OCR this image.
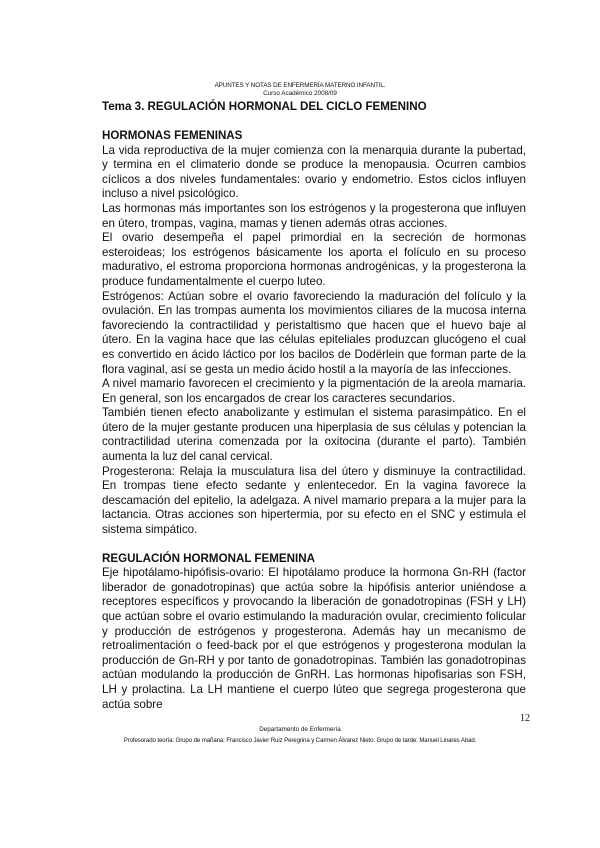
APUNTES Y NOTAS DE ENFERMERÍA MATERNO INFANTIL.
Curso Académico 2008/09
Tema 3. REGULACIÓN HORMONAL DEL CICLO FEMENINO
HORMONAS FEMENINAS

La vida reproductiva de la mujer comienza con la menarquia durante la pubertad, y termina en el climaterio donde se produce la menopausia. Ocurren cambios cíclicos a dos niveles fundamentales: ovario y endometrio. Estos ciclos influyen incluso a nivel psicológico.

Las hormonas más importantes son los estrógenos y la progesterona que influyen en útero, trompas, vagina, mamas y tienen además otras acciones.

El ovario desempeña el papel primordial en la secreción de hormonas esteroideas; los estrógenos básicamente los aporta el folículo en su proceso madurativo, el estroma proporciona hormonas androgénicas, y la progesterona la produce fundamentalmente el cuerpo luteo.

Estrógenos: Actúan sobre el ovario favoreciendo la maduración del folículo y la ovulación. En las trompas aumenta los movimientos ciliares de la mucosa interna favoreciendo la contractilidad y peristaltismo que hacen que el huevo baje al útero. En la vagina hace que las células epiteliales produzcan glucógeno el cual es convertido en ácido láctico por los bacilos de Dodërlein que forman parte de la flora vaginal, así se gesta un medio ácido hostil a la mayoría de las infecciones.

A nivel mamario favorecen el crecimiento y la pigmentación de la areola mamaria. En general, son los encargados de crear los caracteres secundarios.

También tienen efecto anabolizante y estimulan el sistema parasimpático. En el útero de la mujer gestante producen una hiperplasia de sus células y potencian la contractilidad uterina comenzada por la oxitocina (durante el parto). También aumenta la luz del canal cervical.

Progesterona: Relaja la musculatura lisa del útero y disminuye la contractilidad. En trompas tiene efecto sedante y enlentecedor. En la vagina favorece la descamación del epitelio, la adelgaza. A nivel mamario prepara a la mujer para la lactancia. Otras acciones son hipertermia, por su efecto en el SNC y estimula el sistema simpático.

REGULACIÓN HORMONAL FEMENINA

Eje hipotálamo-hipófisis-ovario: El hipotálamo produce la hormona Gn-RH (factor liberador de gonadotropinas) que actúa sobre la hipófisis anterior uniéndose a receptores específicos y provocando la liberación de gonadotropinas (FSH y LH) que actúan sobre el ovario estimulando la maduración ovular, crecimiento folicular y producción de estrógenos y progesterona. Además hay un mecanismo de retroalimentación o feed-back por el que estrógenos y progesterona modulan la producción de Gn-RH y por tanto de gonadotropinas. También las gonadotropinas actúan modulando la producción de GnRH. Las hormonas hipofisarias son FSH, LH y prolactina. La LH mantiene el cuerpo lúteo que segrega progesterona que actúa sobre

12
Departamento de Enfermería
Profesorado teoría: Grupo de mañana: Francisco Javier Ruiz Peregrina y Carmen Álvarez Nieto. Grupo de tarde: Manuel Linares Abad.
